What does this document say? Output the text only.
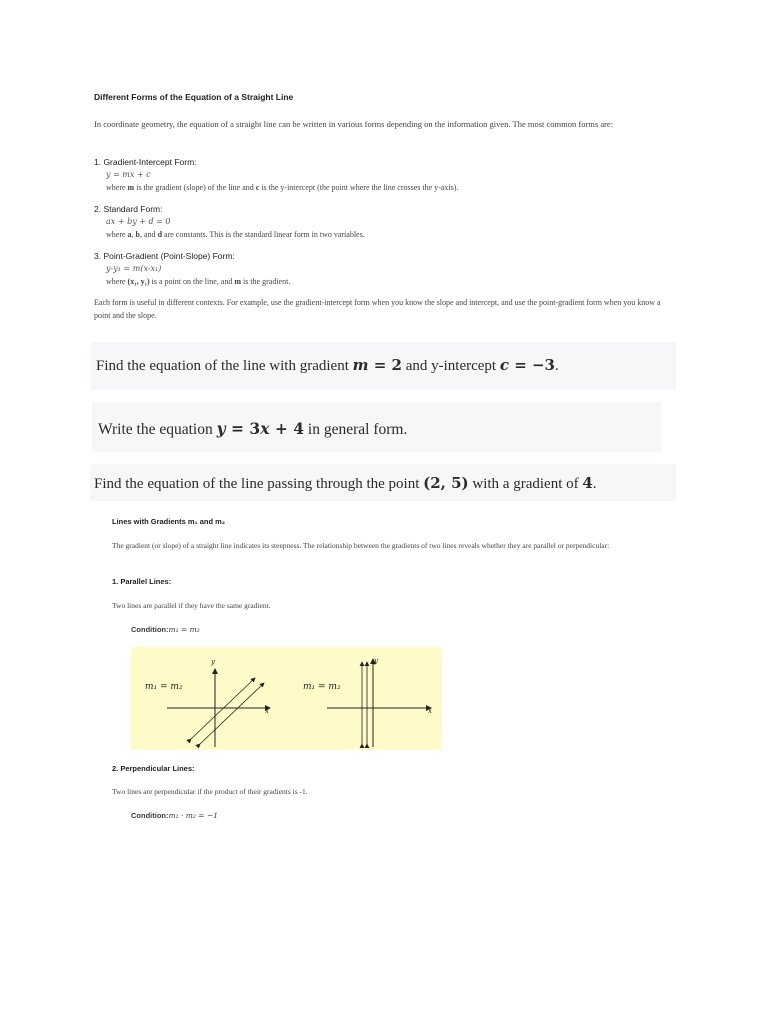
Different Forms of the Equation of a Straight Line
In coordinate geometry, the equation of a straight line can be written in various forms depending on the information given. The most common forms are:
1. Gradient-Intercept Form:
y = mx + c
where m is the gradient (slope) of the line and c is the y-intercept (the point where the line crosses the y-axis).
2. Standard Form:
ax + by + d = 0
where a, b, and d are constants. This is the standard linear form in two variables.
3. Point-Gradient (Point-Slope) Form:
y-y₁ = m(x-x₁)
where (x₁, y₁) is a point on the line, and m is the gradient.
Each form is useful in different contexts. For example, use the gradient-intercept form when you know the slope and intercept, and use the point-gradient form when you know a point and the slope.
Find the equation of the line with gradient m = 2 and y-intercept c = −3.
Write the equation y = 3x + 4 in general form.
Find the equation of the line passing through the point (2, 5) with a gradient of 4.
Lines with Gradients m₁ and m₂
The gradient (or slope) of a straight line indicates its steepness. The relationship between the gradients of two lines reveals whether they are parallel or perpendicular:
1. Parallel Lines:
Two lines are parallel if they have the same gradient.
Condition:m₁ = m₂
m₁ = m₂	m₁ = m₂
x
y
x
y
2. Perpendicular Lines:
Two lines are perpendicular if the product of their gradients is -1.
Condition:m₁ · m₂ = −1
